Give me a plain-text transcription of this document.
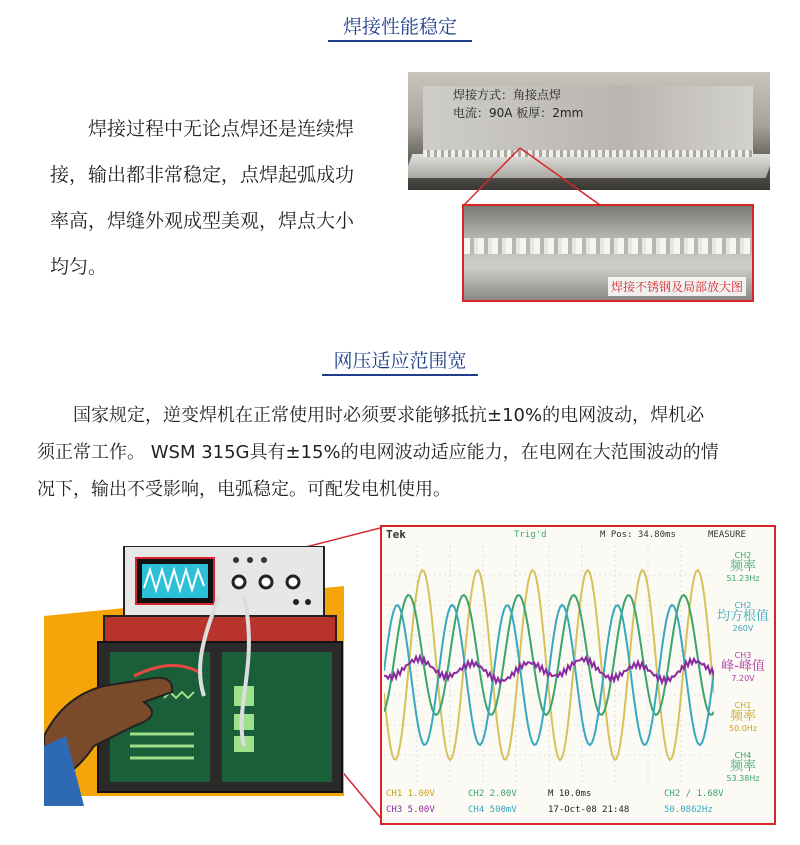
焊接性能稳定
焊接过程中无论点焊还是连续焊
接，输出都非常稳定，点焊起弧成功
率高，焊缝外观成型美观，焊点大小
均匀。
焊接方式：角接点焊
电流：90A 板厚：2mm
焊接不锈钢及局部放大图
网压适应范围宽
国家规定，逆变焊机在正常使用时必须要求能够抵抗±10%的电网波动，焊机必
须正常工作。 WSM 315G具有±15%的电网波动适应能力，在电网在大范围波动的情
况下，输出不受影响，电弧稳定。可配发电机使用。
Tek	Trig'd	M Pos: 34.80ms	MEASURE
CH2
频率
51.23Hz
CH2
均方根值
260V
CH3
峰-峰值
7.20V
CH1
频率
50.0Hz
CH4
频率
53.38Hz
CH1 1.00V	CH2 2.00V	M 10.0ms	CH2 ∕ 1.68V
CH3 5.00V	CH4 500mV	17-Oct-08 21:48	50.0862Hz
